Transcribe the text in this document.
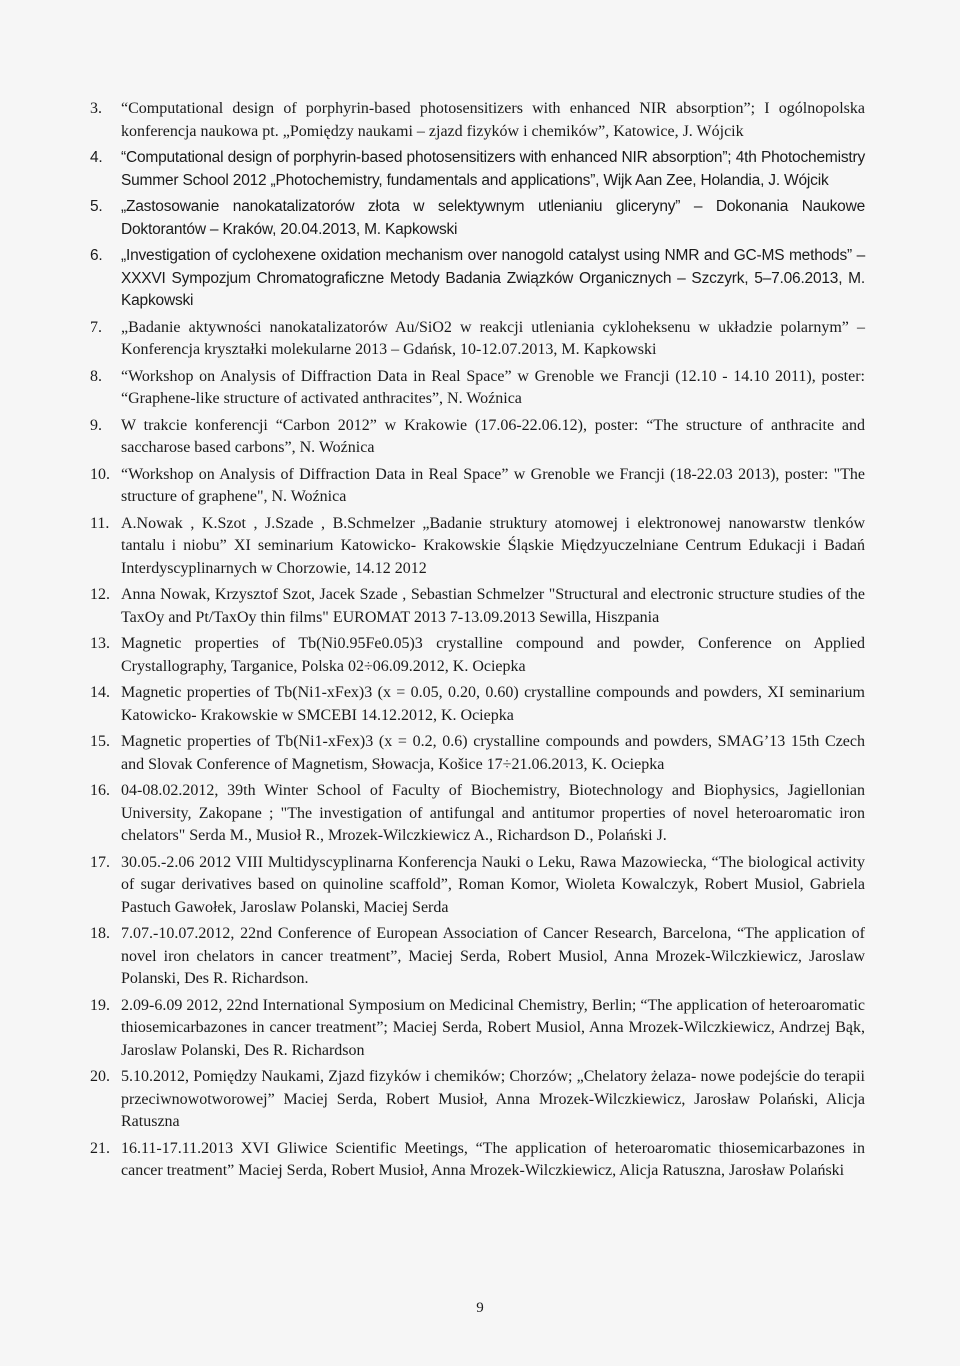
3.	“Computational design of porphyrin-based photosensitizers with enhanced NIR absorption”; I ogólnopolska konferencja naukowa pt. „Pomiędzy naukami – zjazd fizyków i chemików”, Katowice, J. Wójcik
4.	“Computational design of porphyrin-based photosensitizers with enhanced NIR absorption”; 4th Photochemistry Summer School 2012 „Photochemistry, fundamentals and applications”, Wijk Aan Zee, Holandia, J. Wójcik
5.	„Zastosowanie nanokatalizatorów złota w selektywnym utlenianiu gliceryny” – Dokonania Naukowe Doktorantów – Kraków, 20.04.2013, M. Kapkowski
6.	„Investigation of cyclohexene oxidation mechanism over nanogold catalyst using NMR and GC-MS methods” – XXXVI Sympozjum Chromatograficzne Metody Badania Związków Organicznych – Szczyrk, 5–7.06.2013, M. Kapkowski
7.	„Badanie aktywności nanokatalizatorów Au/SiO2 w reakcji utleniania cykloheksenu w układzie polarnym” – Konferencja kryształki molekularne 2013 – Gdańsk, 10-12.07.2013, M. Kapkowski
8.	“Workshop on Analysis of Diffraction Data in Real Space” w Grenoble we Francji (12.10 - 14.10 2011), poster: “Graphene-like structure of activated anthracites”, N. Woźnica
9.	W trakcie konferencji “Carbon 2012” w Krakowie (17.06-22.06.12), poster: “The structure of anthracite and saccharose based carbons”, N. Woźnica
10. “Workshop on Analysis of Diffraction Data in Real Space” w Grenoble we Francji (18-22.03 2013), poster: "The structure of graphene", N. Woźnica
11. A.Nowak , K.Szot , J.Szade , B.Schmelzer „Badanie struktury atomowej i elektronowej nanowarstw tlenków tantalu i niobu” XI seminarium Katowicko- Krakowskie Śląskie Międzyuczelniane Centrum Edukacji i Badań Interdyscyplinarnych w Chorzowie, 14.12 2012
12. Anna Nowak, Krzysztof Szot, Jacek Szade , Sebastian Schmelzer "Structural and electronic structure studies of the TaxOy and Pt/TaxOy thin films" EUROMAT 2013 7-13.09.2013 Sewilla, Hiszpania
13. Magnetic properties of Tb(Ni0.95Fe0.05)3 crystalline compound and powder, Conference on Applied Crystallography, Targanice, Polska 02÷06.09.2012, K. Ociepka
14. Magnetic properties of Tb(Ni1-xFex)3 (x = 0.05, 0.20, 0.60) crystalline compounds and powders, XI seminarium Katowicko- Krakowskie w SMCEBI 14.12.2012, K. Ociepka
15. Magnetic properties of Tb(Ni1-xFex)3 (x = 0.2, 0.6) crystalline compounds and powders, SMAG’13 15th Czech and Slovak Conference of Magnetism, Słowacja, Košice 17÷21.06.2013, K. Ociepka
16. 04-08.02.2012, 39th Winter School of Faculty of Biochemistry, Biotechnology and Biophysics, Jagiellonian University, Zakopane ; "The investigation of antifungal and antitumor properties of novel heteroaromatic iron chelators" Serda M., Musioł R., Mrozek-Wilczkiewicz A., Richardson D., Polański J.
17. 30.05.-2.06 2012 VIII Multidyscyplinarna Konferencja Nauki o Leku, Rawa Mazowiecka, “The biological activity of sugar derivatives based on quinoline scaffold”, Roman Komor, Wioleta Kowalczyk, Robert Musiol, Gabriela Pastuch Gawołek, Jaroslaw Polanski, Maciej Serda
18. 7.07.-10.07.2012, 22nd Conference of European Association of Cancer Research, Barcelona, “The application of novel iron chelators in cancer treatment”, Maciej Serda, Robert Musiol, Anna Mrozek-Wilczkiewicz, Jaroslaw Polanski, Des R. Richardson.
19. 2.09-6.09 2012, 22nd International Symposium on Medicinal Chemistry, Berlin; “The application of heteroaromatic thiosemicarbazones in cancer treatment”; Maciej Serda, Robert Musiol, Anna Mrozek-Wilczkiewicz, Andrzej Bąk, Jaroslaw Polanski, Des R. Richardson
20. 5.10.2012, Pomiędzy Naukami, Zjazd fizyków i chemików; Chorzów; „Chelatory żelaza- nowe podejście do terapii przeciwnowotworowej” Maciej Serda, Robert Musioł, Anna Mrozek-Wilczkiewicz, Jarosław Polański, Alicja Ratuszna
21. 16.11-17.11.2013 XVI Gliwice Scientific Meetings, “The application of heteroaromatic thiosemicarbazones in cancer treatment” Maciej Serda, Robert Musioł, Anna Mrozek-Wilczkiewicz, Alicja Ratuszna, Jarosław Polański
9
